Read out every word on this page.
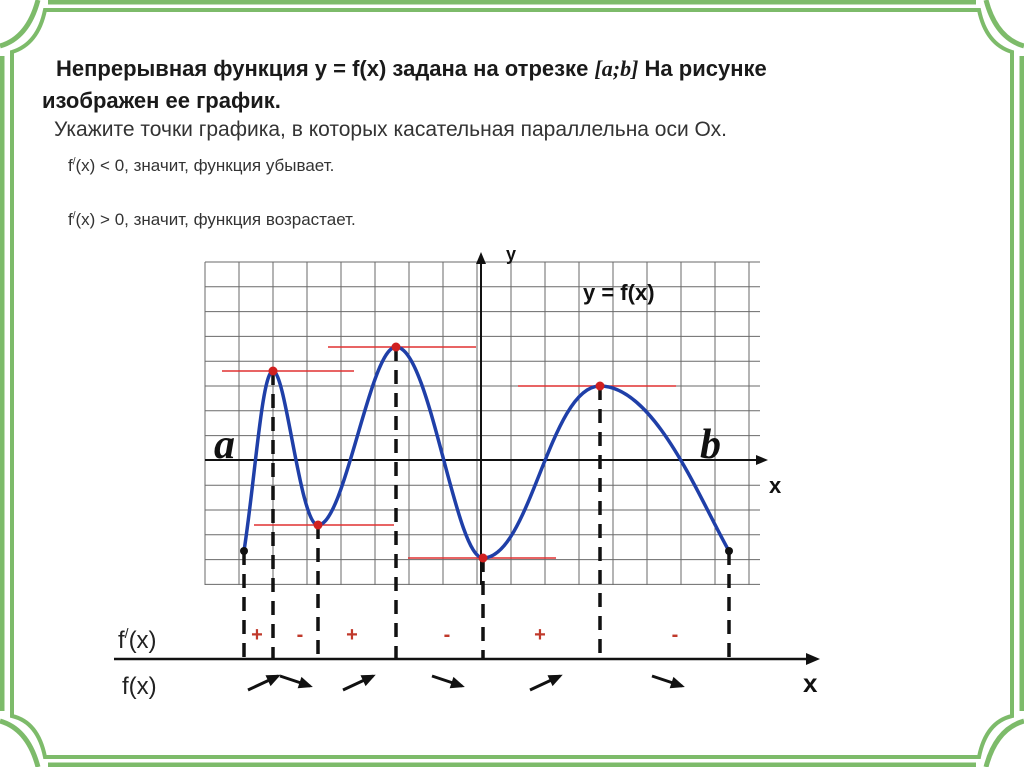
Непрерывная функция y = f(x) задана на отрезке [a;b] На рисунке
изображен ее график.
Укажите точки графика, в которых касательная параллельна оси Ох.
f/(x) < 0, значит, функция убывает.
f/(x) > 0, значит, функция возрастает.
y
x
y = f(x)
a	b
x
f/(x)
f(x)
+ - +	-	+	-
